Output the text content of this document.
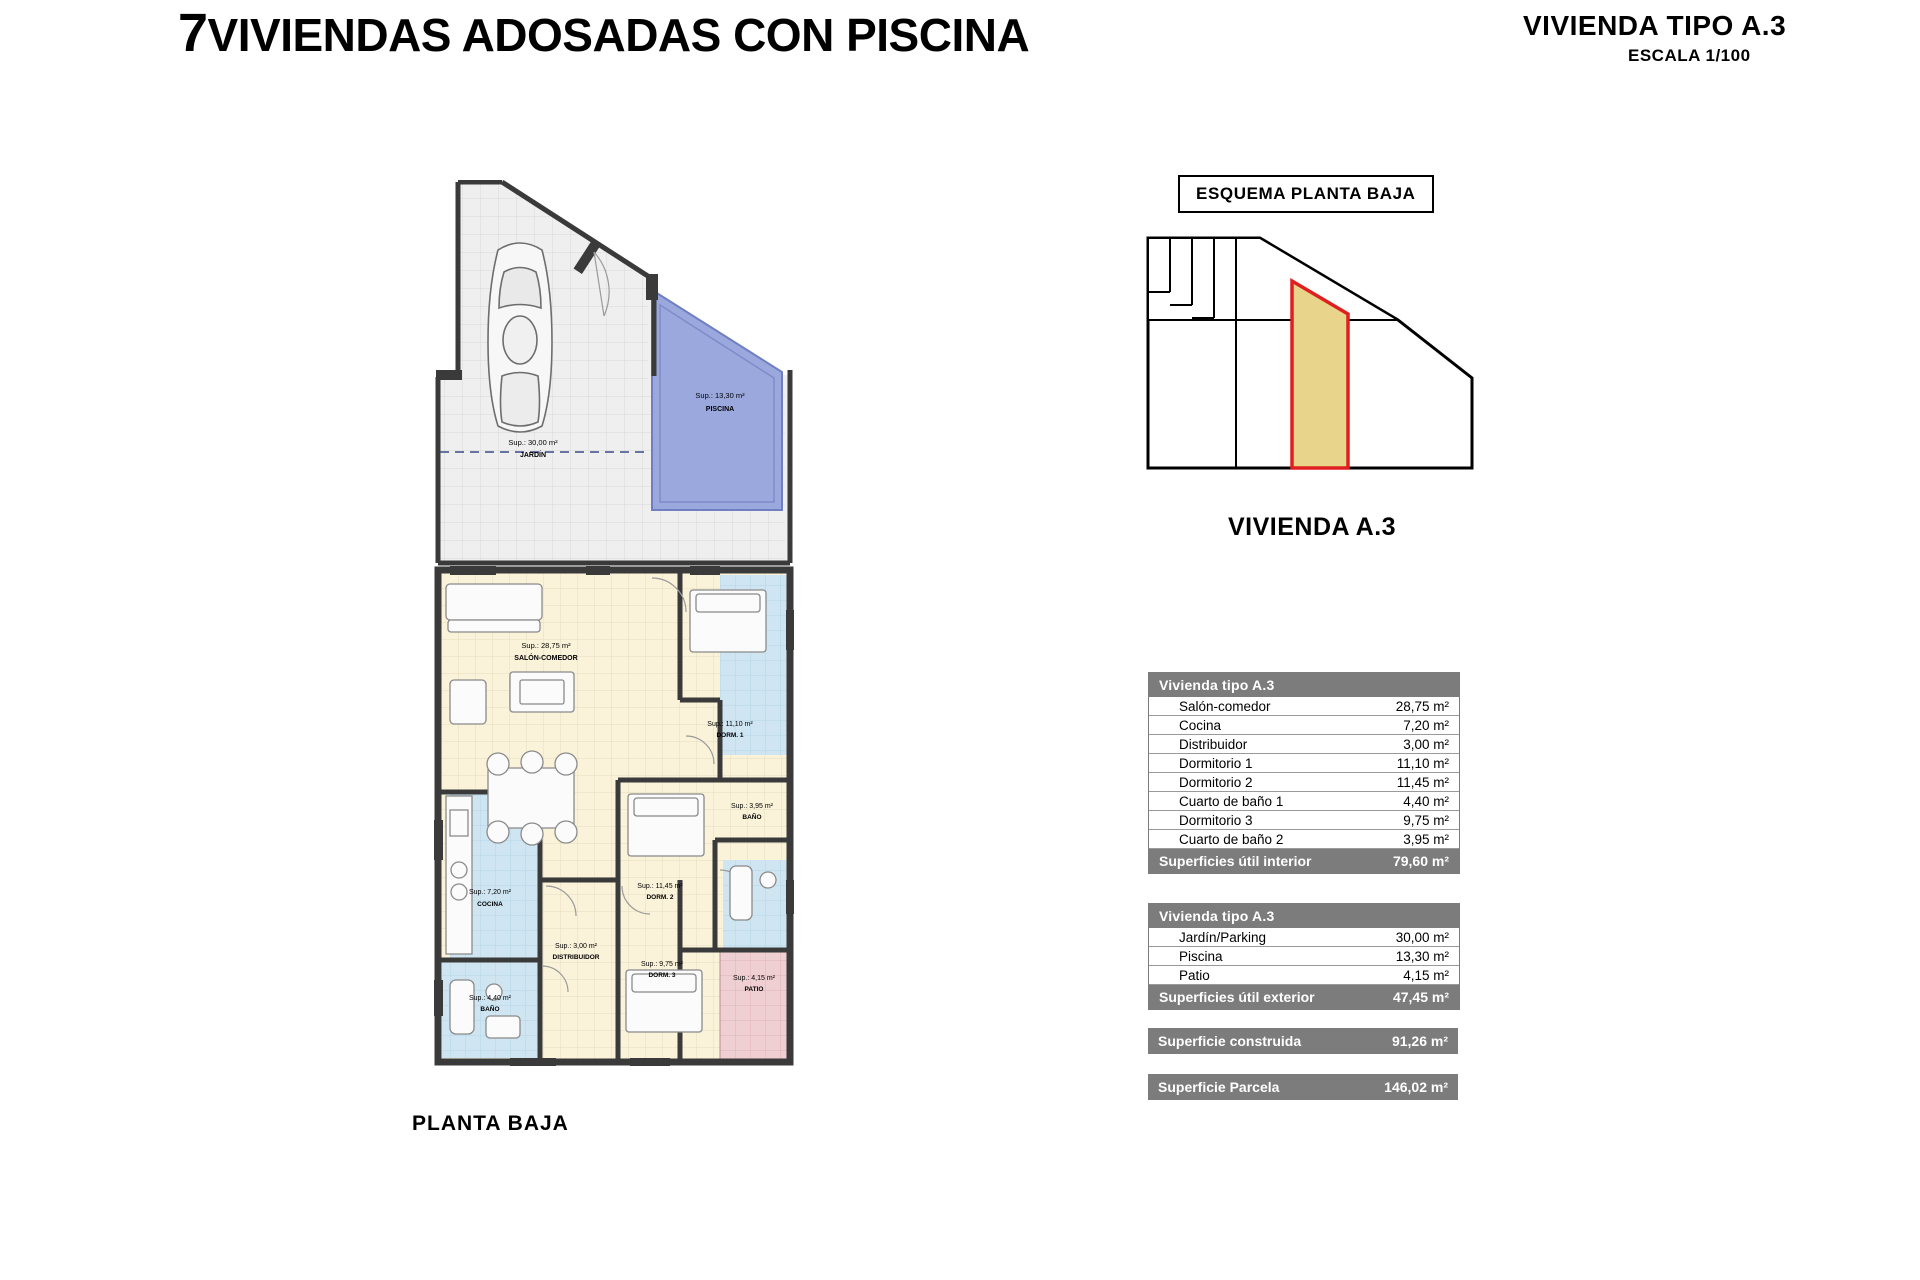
7VIVIENDAS ADOSADAS CON PISCINA	VIVIENDA TIPO A.3
ESCALA 1/100
ESQUEMA PLANTA BAJA
VIVIENDA A.3
Sup.: 13,30 m²
PISCINA
Sup.: 30,00 m²
JARDÍN
Sup.: 28,75 m²
SALÓN-COMEDOR
Sup.: 11,10 m²
DORM. 1
Sup.: 3,95 m²
BAÑO
Sup.: 7,20 m²
COCINA
Sup.: 11,45 m²
DORM. 2
Sup.: 3,00 m²
DISTRIBUIDOR
Sup.: 9,75 m²
DORM. 3
Sup.: 4,40 m²
BAÑO
Sup.: 4,15 m²
PATIO
PLANTA BAJA
Vivienda tipo A.3
Salón-comedor	28,75 m²
Cocina	7,20 m²
Distribuidor	3,00 m²
Dormitorio 1	11,10 m²
Dormitorio 2	11,45 m²
Cuarto de baño 1	4,40 m²
Dormitorio 3	9,75 m²
Cuarto de baño 2	3,95 m²
Superficies útil interior	79,60 m²
Vivienda tipo A.3
Jardín/Parking	30,00 m²
Piscina	13,30 m²
Patio	4,15 m²
Superficies útil exterior	47,45 m²
Superficie construida	91,26 m²
Superficie Parcela	146,02 m²
